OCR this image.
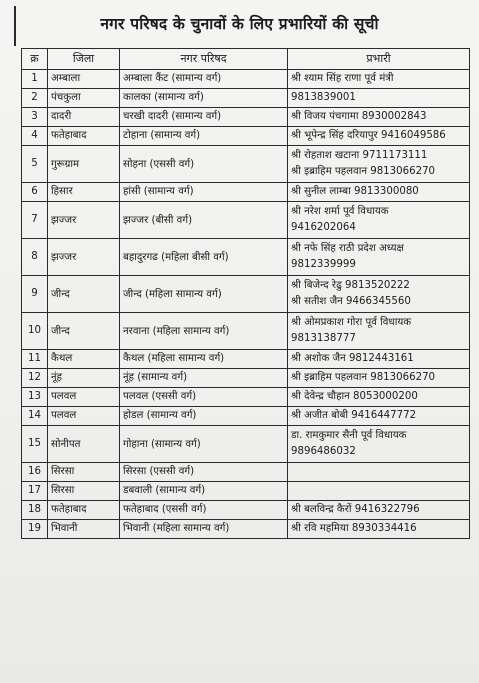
नगर परिषद के चुनावों के लिए प्रभारियों की सूची
क्र	जिला	नगर परिषद	प्रभारी
1	अम्बाला	अम्बाला कैंट (सामान्य वर्ग)	श्री श्याम सिंह राणा पूर्व मंत्री

2	पंचकुला	कालका (सामान्य वर्ग)	9813839001

3	दादरी	चरखी दादरी (सामान्य वर्ग)	श्री विजय पंचगामा 8930002843

4	फतेहाबाद	टोहाना (सामान्य वर्ग)	श्री भूपेन्द्र सिंह दरियापुर 9416049586

5	गुरूग्राम	सोहना (एससी वर्ग)	श्री रोहताश खटाना 9711173111
श्री इब्राहिम पहलवान 9813066270

6	हिसार	हांसी (सामान्य वर्ग)	श्री सुनील लाम्बा 9813300080

7	झज्जर	झज्जर (बीसी वर्ग)	श्री नरेश शर्मा पूर्व विधायक
9416202064

8	झज्जर	बहादुरगढ (महिला बीसी वर्ग)	श्री नफे सिंह राठी प्रदेश अध्यक्ष
9812339999

9	जीन्द	जीन्द (महिला सामान्य वर्ग)	श्री बिजेन्द रेढु 9813520222
श्री सतीश जैन 9466345560

10	जीन्द	नरवाना (महिला सामान्य वर्ग)	श्री ओमप्रकाश गोरा पूर्व विधायक
9813138777

11	कैथल	कैथल (महिला सामान्य वर्ग)	श्री अशोक जैन 9812443161

12	नूंह	नूंह (सामान्य वर्ग)	श्री इब्राहिम पहलवान 9813066270

13	पलवल	पलवल (एससी वर्ग)	श्री देवेन्द्र चौहान 8053000200

14	पलवल	होडल (सामान्य वर्ग)	श्री अजीत बोबी 9416447772

15	सोनीपत	गोहाना (सामान्य वर्ग)	डा. रामकुमार सैनी पूर्व विधायक
9896486032

16	सिरसा	सिरसा (एससी वर्ग)	
17	सिरसा	डबवाली (सामान्य वर्ग)	
18	फतेहाबाद	फतेहाबाद (एससी वर्ग)	श्री बलविन्द्र कैरों 9416322796

19	भिवानी	भिवानी (महिला सामान्य वर्ग)	श्री रवि महमिया 8930334416
